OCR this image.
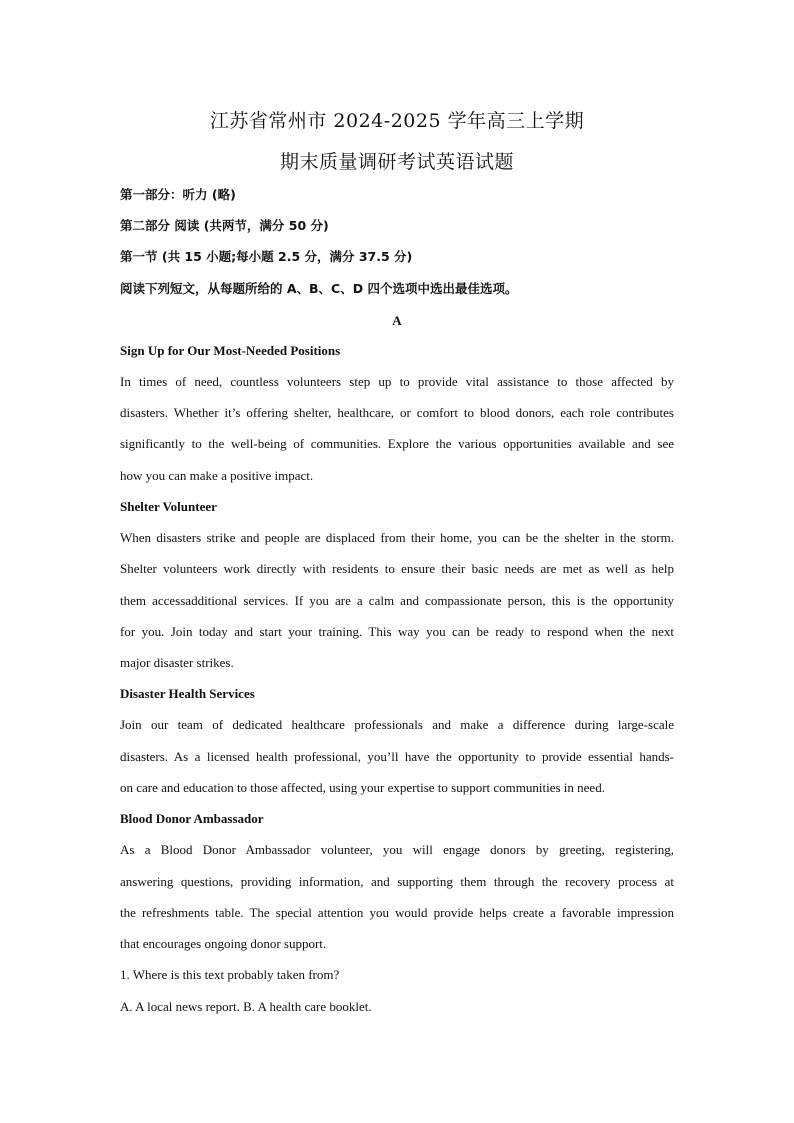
江苏省常州市 2024-2025 学年高三上学期
期末质量调研考试英语试题
第一部分：听力 (略)
第二部分 阅读 (共两节，满分 50 分)
第一节 (共 15 小题;每小题 2.5 分，满分 37.5 分)
阅读下列短文，从每题所给的 A、B、C、D 四个选项中选出最佳选项。
A
Sign Up for Our Most-Needed Positions
In times of need, countless volunteers step up to provide vital assistance to those affected by
disasters. Whether it’s offering shelter, healthcare, or comfort to blood donors, each role contributes
significantly to the well-being of communities. Explore the various opportunities available and see
how you can make a positive impact.
Shelter Volunteer
When disasters strike and people are displaced from their home, you can be the shelter in the storm.
Shelter volunteers work directly with residents to ensure their basic needs are met as well as help
them accessadditional services. If you are a calm and compassionate person, this is the opportunity
for you. Join today and start your training. This way you can be ready to respond when the next
major disaster strikes.
Disaster Health Services
Join our team of dedicated healthcare professionals and make a difference during large-scale
disasters. As a licensed health professional, you’ll have the opportunity to provide essential hands-
on care and education to those affected, using your expertise to support communities in need.
Blood Donor Ambassador
As a Blood Donor Ambassador volunteer, you will engage donors by greeting, registering,
answering questions, providing information, and supporting them through the recovery process at
the refreshments table. The special attention you would provide helps create a favorable impression
that encourages ongoing donor support.
1. Where is this text probably taken from?
A. A local news report. B. A health care booklet.
